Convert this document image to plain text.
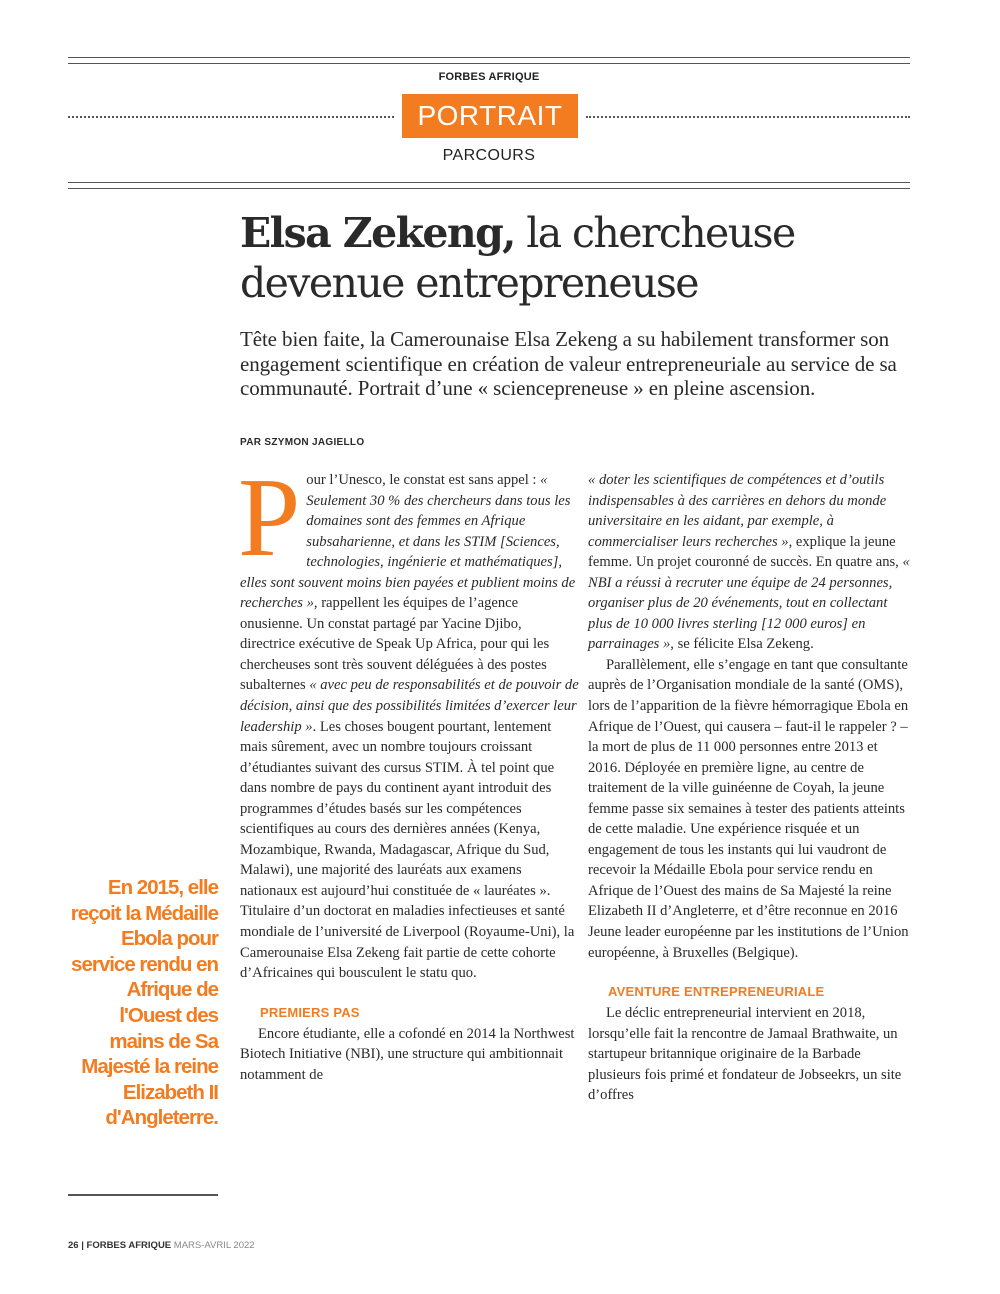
FORBES AFRIQUE
PORTRAIT
PARCOURS
Elsa Zekeng, la chercheuse devenue entrepreneuse

Tête bien faite, la Camerounaise Elsa Zekeng a su habilement transformer son engagement scientifique en création de valeur entrepreneuriale au service de sa communauté. Portrait d’une « sciencepreneuse » en pleine ascension.

PAR SZYMON JAGIELLO

Pour l’Unesco, le constat est sans appel : « Seulement 30 % des chercheurs dans tous les domaines sont des femmes en Afrique subsaharienne, et dans les STIM [Sciences, technologies, ingénierie et mathématiques], elles sont souvent moins bien payées et publient moins de recherches », rappellent les équipes de l’agence onusienne. Un constat partagé par Yacine Djibo, directrice exécutive de Speak Up Africa, pour qui les chercheuses sont très souvent déléguées à des postes subalternes « avec peu de responsabilités et de pouvoir de décision, ainsi que des possibilités limitées d’exercer leur leadership ». Les choses bougent pourtant, lentement mais sûrement, avec un nombre toujours croissant d’étudiantes suivant des cursus STIM. À tel point que dans nombre de pays du continent ayant introduit des programmes d’études basés sur les compétences scientifiques au cours des dernières années (Kenya, Mozambique, Rwanda, Madagascar, Afrique du Sud, Malawi), une majorité des lauréats aux examens nationaux est aujourd’hui constituée de « lauréates ». Titulaire d’un doctorat en maladies infectieuses et santé mondiale de l’université de Liverpool (Royaume-Uni), la Camerounaise Elsa Zekeng fait partie de cette cohorte d’Africaines qui bousculent le statu quo.

PREMIERS PAS

Encore étudiante, elle a cofondé en 2014 la Northwest Biotech Initiative (NBI), une structure qui ambitionnait notamment de

« doter les scientifiques de compétences et d’outils indispensables à des carrières en dehors du monde universitaire en les aidant, par exemple, à commercialiser leurs recherches », explique la jeune femme. Un projet couronné de succès. En quatre ans, « NBI a réussi à recruter une équipe de 24 personnes, organiser plus de 20 événements, tout en collectant plus de 10 000 livres sterling [12 000 euros] en parrainages », se félicite Elsa Zekeng.

Parallèlement, elle s’engage en tant que consultante auprès de l’Organisation mondiale de la santé (OMS), lors de l’apparition de la fièvre hémorragique Ebola en Afrique de l’Ouest, qui causera – faut-il le rappeler ? – la mort de plus de 11 000 personnes entre 2013 et 2016. Déployée en première ligne, au centre de traitement de la ville guinéenne de Coyah, la jeune femme passe six semaines à tester des patients atteints de cette maladie. Une expérience risquée et un engagement de tous les instants qui lui vaudront de recevoir la Médaille Ebola pour service rendu en Afrique de l’Ouest des mains de Sa Majesté la reine Elizabeth II d’Angleterre, et d’être reconnue en 2016 Jeune leader européenne par les institutions de l’Union européenne, à Bruxelles (Belgique).

AVENTURE ENTREPRENEURIALE

Le déclic entrepreneurial intervient en 2018, lorsqu’elle fait la rencontre de Jamaal Brathwaite, un startupeur britannique originaire de la Barbade plusieurs fois primé et fondateur de Jobseekrs, un site d’offres

En 2015, elle reçoit la Médaille Ebola pour service rendu en Afrique de l'Ouest des mains de Sa Majesté la reine Elizabeth II d'Angleterre.

26 | FORBES AFRIQUE MARS-AVRIL 2022
